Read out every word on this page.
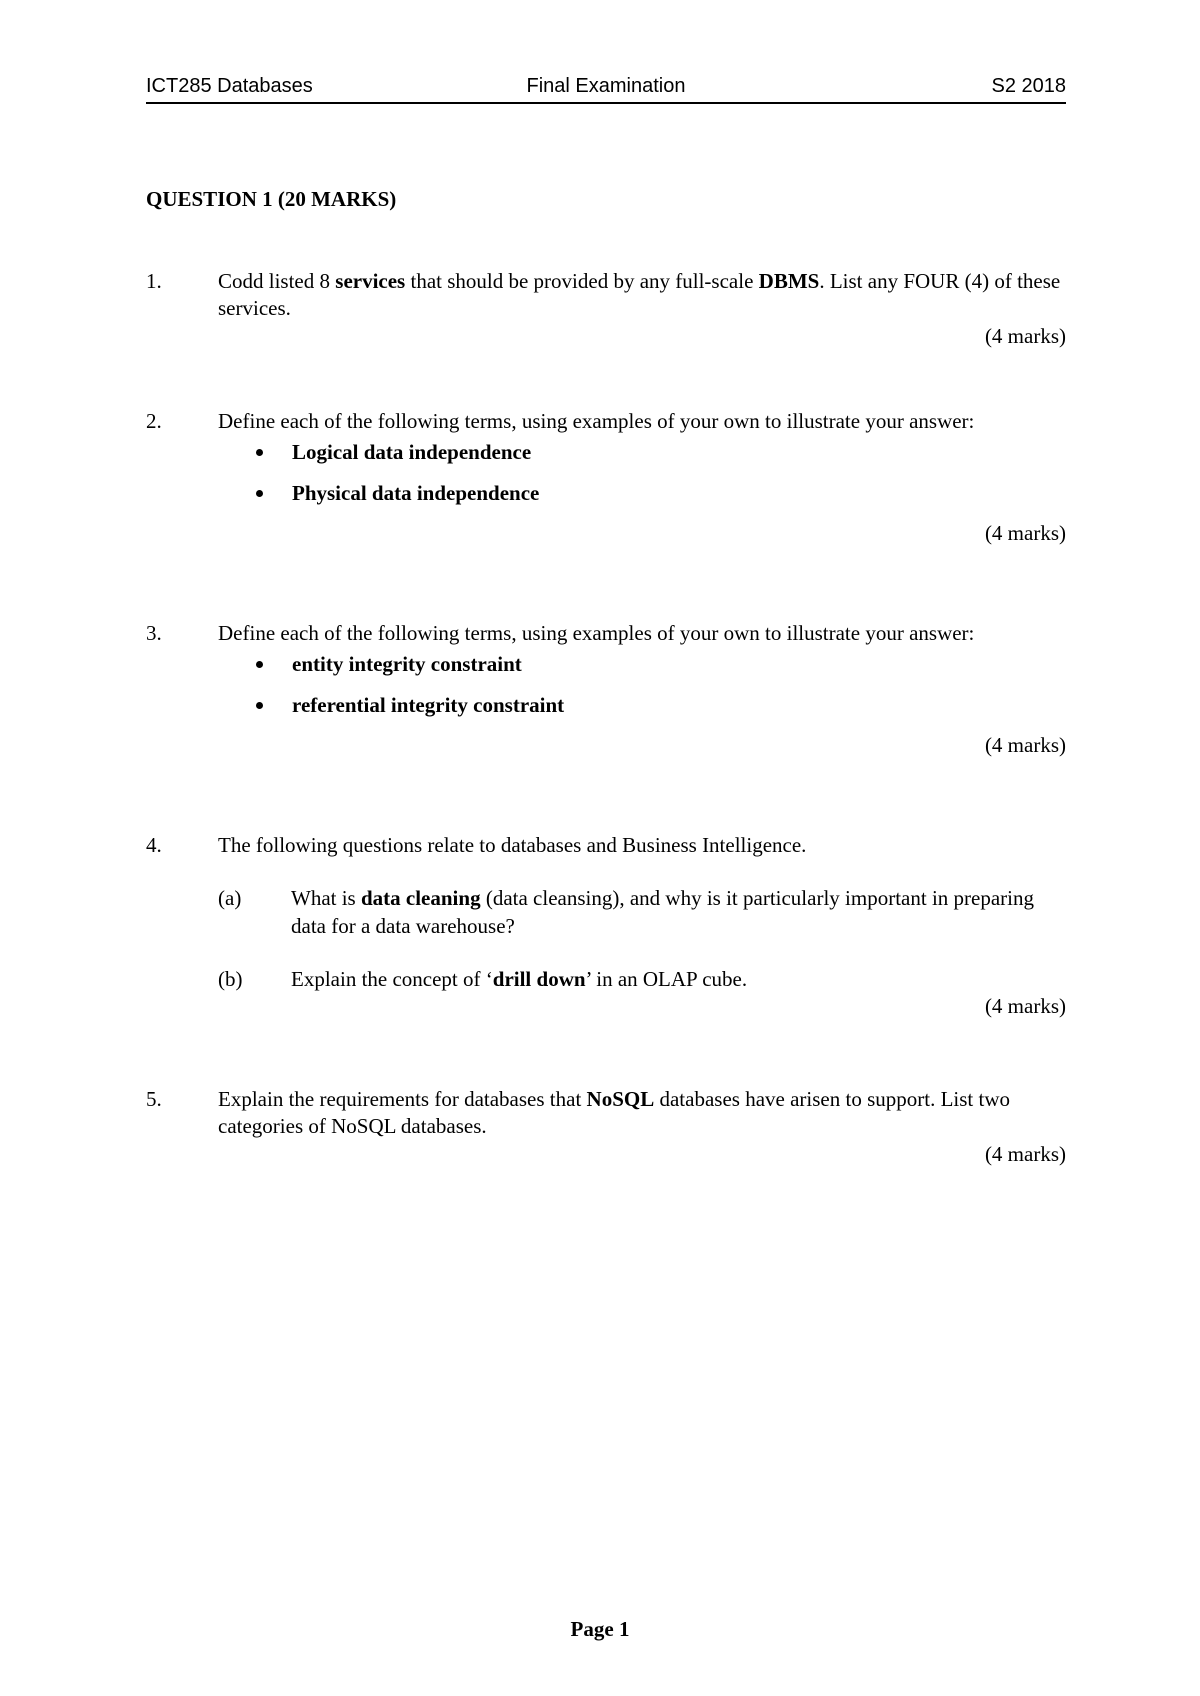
ICT285 Databases	Final Examination	S2 2018
QUESTION 1 (20 MARKS)
1.	Codd listed 8 services that should be provided by any full-scale DBMS. List any FOUR (4) of these services.

(4 marks)
2.	Define each of the following terms, using examples of your own to illustrate your answer:

Logical data independence
Physical data independence
(4 marks)
3.	Define each of the following terms, using examples of your own to illustrate your answer:

entity integrity constraint
referential integrity constraint
(4 marks)
4.	The following questions relate to databases and Business Intelligence.

(a) What is data cleaning (data cleansing), and why is it particularly important in preparing data for a data warehouse?
(b) Explain the concept of ‘drill down’ in an OLAP cube.
(4 marks)
5.	Explain the requirements for databases that NoSQL databases have arisen to support. List two categories of NoSQL databases.

(4 marks)
Page 1
